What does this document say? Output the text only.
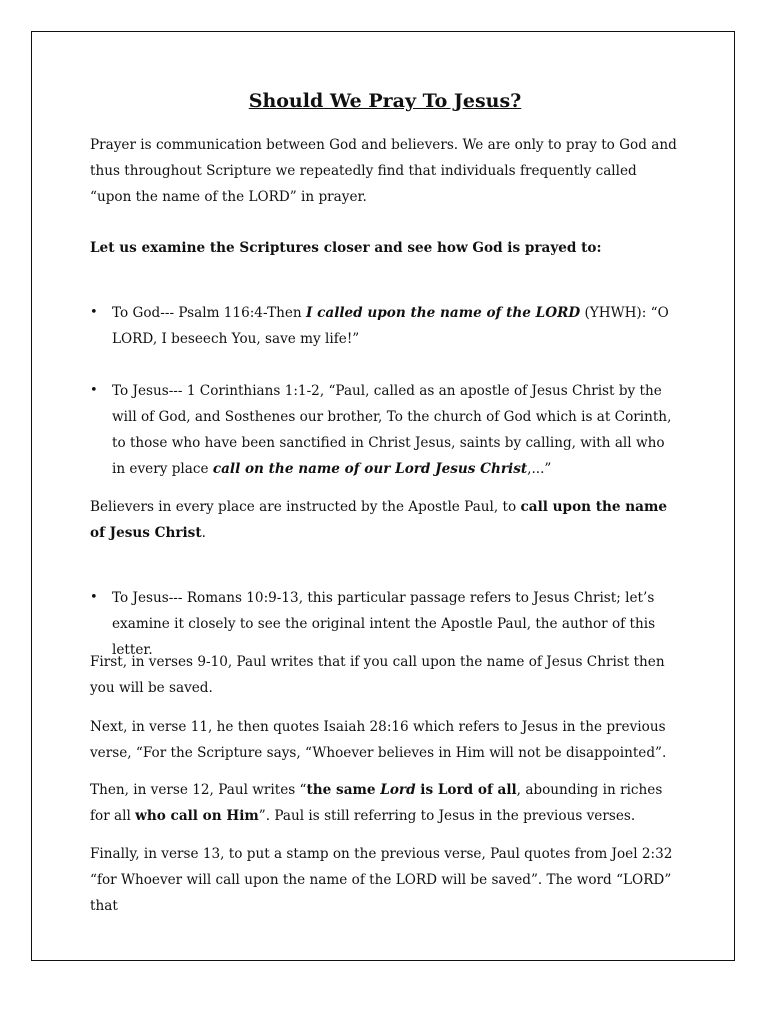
Should We Pray To Jesus?

Prayer is communication between God and believers. We are only to pray to God and thus throughout Scripture we repeatedly find that individuals frequently called “upon the name of the LORD” in prayer.

Let us examine the Scriptures closer and see how God is prayed to:

• To God--- Psalm 116:4-Then I called upon the name of the LORD (YHWH): “O LORD, I beseech You, save my life!”
• To Jesus--- 1 Corinthians 1:1-2, “Paul, called as an apostle of Jesus Christ by the will of God, and Sosthenes our brother, To the church of God which is at Corinth, to those who have been sanctified in Christ Jesus, saints by calling, with all who in every place call on the name of our Lord Jesus Christ,...”

Believers in every place are instructed by the Apostle Paul, to call upon the name of Jesus Christ.

• To Jesus--- Romans 10:9-13, this particular passage refers to Jesus Christ; let’s examine it closely to see the original intent the Apostle Paul, the author of this letter.

First, in verses 9-10, Paul writes that if you call upon the name of Jesus Christ then you will be saved.

Next, in verse 11, he then quotes Isaiah 28:16 which refers to Jesus in the previous verse, “For the Scripture says, “Whoever believes in Him will not be disappointed”.

Then, in verse 12, Paul writes “the same Lord is Lord of all, abounding in riches for all who call on Him”. Paul is still referring to Jesus in the previous verses.

Finally, in verse 13, to put a stamp on the previous verse, Paul quotes from Joel 2:32 “for Whoever will call upon the name of the LORD will be saved”. The word “LORD” that
